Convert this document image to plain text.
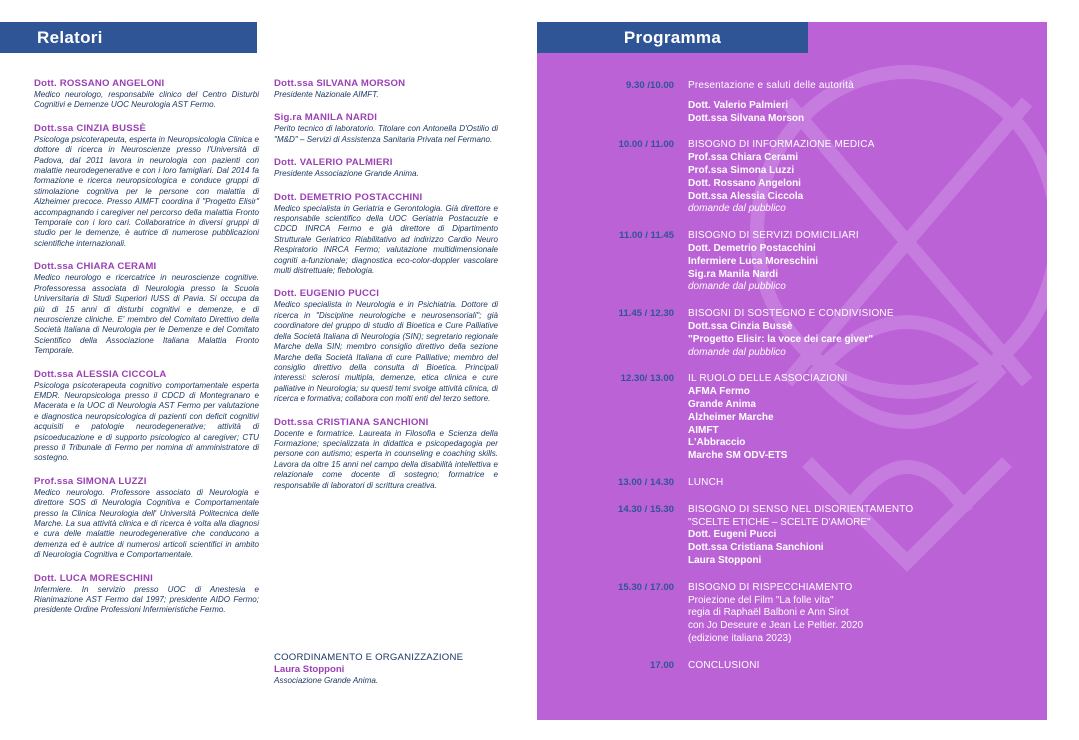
Relatori
Dott. ROSSANO ANGELONI
Medico neurologo, responsabile clinico del Centro Disturbi Cognitivi e Demenze UOC Neurologia AST Fermo.
Dott.ssa CINZIA BUSSÈ
Psicologa psicoterapeuta, esperta in Neuropsicologia Clinica e dottore di ricerca in Neuroscienze presso l'Università di Padova, dal 2011 lavora in neurologia con pazienti con malattie neurodegenerative e con i loro famigliari. Dal 2014 fa formazione e ricerca neuropsicologica e conduce gruppi di stimolazione cognitiva per le persone con malattia di Alzheimer precoce. Presso AIMFT coordina il "Progetto Elisir" accompagnando i caregiver nel percorso della malattia Fronto Temporale con i loro cari. Collaboratrice in diversi gruppi di studio per le demenze, è autrice di numerose pubblicazioni scientifiche internazionali.
Dott.ssa CHIARA CERAMI
Medico neurologo e ricercatrice in neuroscienze cognitive. Professoressa associata di Neurologia presso la Scuola Universitaria di Studi Superiori IUSS di Pavia. Si occupa da più di 15 anni di disturbi cognitivi e demenze, e di neuroscienze cliniche. E' membro del Comitato Direttivo della Società Italiana di Neurologia per le Demenze e del Comitato Scientifico della Associazione Italiana Malattia Fronto Temporale.
Dott.ssa ALESSIA CICCOLA
Psicologa psicoterapeuta cognitivo comportamentale esperta EMDR. Neuropsicologa presso il CDCD di Montegranaro e Macerata e la UOC di Neurologia AST Fermo per valutazione e diagnostica neuropsicologica di pazienti con deficit cognitivi acquisiti e patologie neurodegenerative; attività di psicoeducazione e di supporto psicologico al caregiver; CTU presso il Tribunale di Fermo per nomina di amministratore di sostegno.
Prof.ssa SIMONA LUZZI
Medico neurologo. Professore associato di Neurologia e direttore SOS di Neurologia Cognitiva e Comportamentale presso la Clinica Neurologia dell' Università Politecnica delle Marche. La sua attività clinica e di ricerca è volta alla diagnosi e cura delle malattie neurodegenerative che conducono a demenza ed è autrice di numerosi articoli scientifici in ambito di Neurologia Cognitiva e Comportamentale.
Dott. LUCA MORESCHINI
Infermiere. In servizio presso UOC di Anestesia e Rianimazione AST Fermo dal 1997; presidente AIDO Fermo; presidente Ordine Professioni Infermieristiche Fermo.
Dott.ssa SILVANA MORSON
Presidente Nazionale AIMFT.
Sig.ra MANILA NARDI
Perito tecnico di laboratorio. Titolare con Antonella D'Ostilio di "M&D" – Servizi di Assistenza Sanitaria Privata nel Fermano.
Dott. VALERIO PALMIERI
Presidente Associazione Grande Anima.
Dott. DEMETRIO POSTACCHINI
Medico specialista in Geriatria e Gerontologia. Già direttore e responsabile scientifico della UOC Geriatria Postacuzie e CDCD INRCA Fermo e già direttore di Dipartimento Strutturale Geriatrico Riabilitativo ad indirizzo Cardio Neuro Respiratorio INRCA Fermo; valutazione multidimensionale cogniti a-funzionale; diagnostica eco-color-doppler vascolare multi distrettuale; flebologia.
Dott. EUGENIO PUCCI
Medico specialista in Neurologia e in Psichiatria. Dottore di ricerca in "Discipline neurologiche e neurosensoriali"; già coordinatore del gruppo di studio di Bioetica e Cure Palliative della Società Italiana di Neurologia (SIN); segretario regionale Marche della SIN; membro consiglio direttivo della sezione Marche della Società Italiana di cure Palliative; membro del consiglio direttivo della consulta di Bioetica. Principali interessi: sclerosi multipla, demenze, etica clinica e cure palliative in Neurologia; su questi temi svolge attività clinica, di ricerca e formativa; collabora con molti enti del terzo settore.
Dott.ssa CRISTIANA SANCHIONI
Docente e formatrice. Laureata in Filosofia e Scienza della Formazione; specializzata in didattica e psicopedagogia per persone con autismo; esperta in counseling e coaching skills. Lavora da oltre 15 anni nel campo della disabilità intellettiva e relazionale come docente di sostegno; formatrice e responsabile di laboratori di scrittura creativa.
COORDINAMENTO E ORGANIZZAZIONE
Laura Stopponi
Associazione Grande Anima.
Programma
9.30 /10.00 Presentazione e saluti delle autorità
Dott. Valerio Palmieri
Dott.ssa Silvana Morson
10.00 / 11.00 BISOGNO DI INFORMAZIONE MEDICA
Prof.ssa Chiara Cerami
Prof.ssa Simona Luzzi
Dott. Rossano Angeloni
Dott.ssa Alessia Ciccola
domande dal pubblico
11.00 / 11.45 BISOGNO DI SERVIZI DOMICILIARI
Dott. Demetrio Postacchini
Infermiere Luca Moreschini
Sig.ra Manila Nardi
domande dal pubblico
11.45 / 12.30 BISOGNI DI SOSTEGNO E CONDIVISIONE
Dott.ssa Cinzia Bussè
"Progetto Elisir: la voce dei care giver"
domande dal pubblico
12.30/ 13.00 IL RUOLO DELLE ASSOCIAZIONI
AFMA Fermo
Grande Anima
Alzheimer Marche
AIMFT
L'Abbraccio
Marche SM ODV-ETS
13.00 / 14.30 LUNCH
14.30 / 15.30 BISOGNO DI SENSO NEL DISORIENTAMENTO
"SCELTE ETICHE – SCELTE D'AMORE"
Dott. Eugeni Pucci
Dott.ssa Cristiana Sanchioni
Laura Stopponi
15.30 / 17.00 BISOGNO DI RISPECCHIAMENTO
Proiezione del Film "La folle vita"
regia di Raphaël Balboni e Ann Sirot
con Jo Deseure e Jean Le Peltier. 2020
(edizione italiana 2023)
17.00 CONCLUSIONI
